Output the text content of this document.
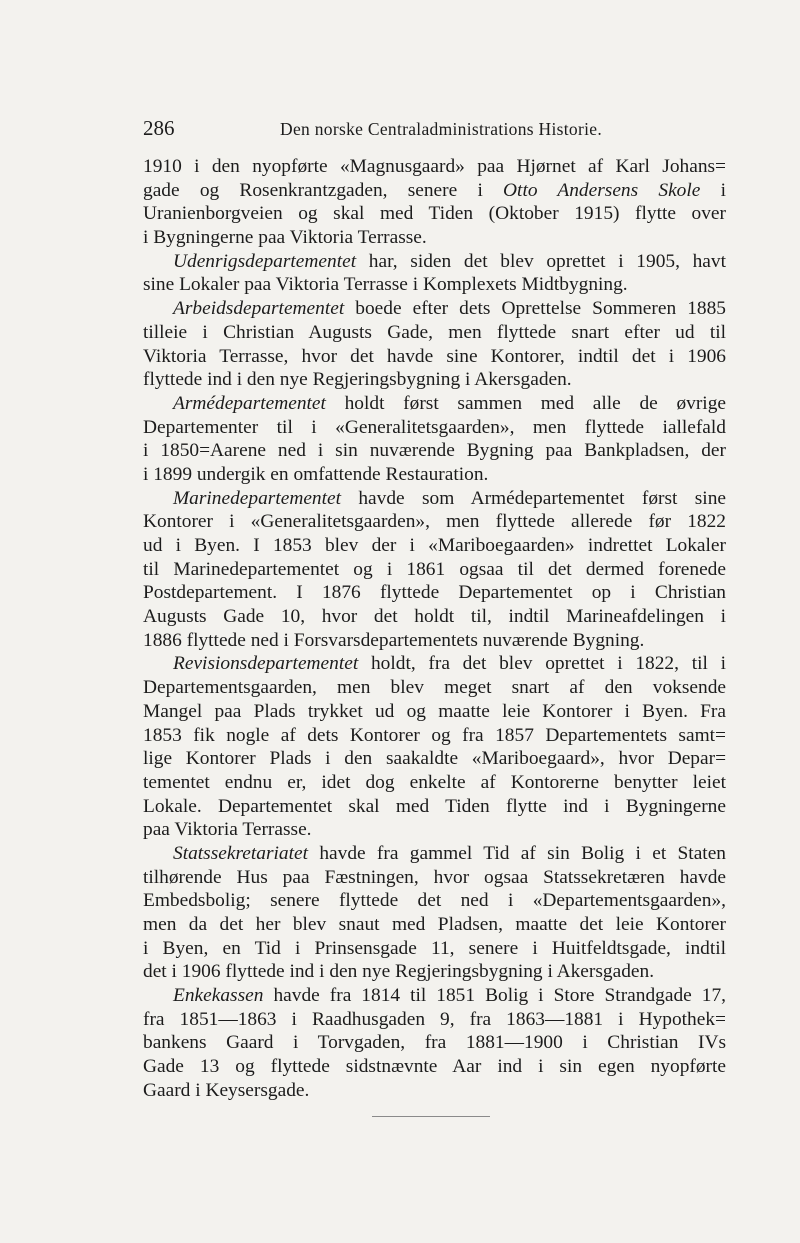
286	Den norske Centraladministrations Historie.
1910 i den nyopførte «Magnusgaard» paa Hjørnet af Karl Johans=
gade og Rosenkrantzgaden, senere i Otto Andersens Skole i
Uranienborgveien og skal med Tiden (Oktober 1915) flytte over
i Bygningerne paa Viktoria Terrasse.
Udenrigsdepartementet har, siden det blev oprettet i 1905, havt
sine Lokaler paa Viktoria Terrasse i Komplexets Midtbygning.
Arbeidsdepartementet boede efter dets Oprettelse Sommeren 1885
tilleie i Christian Augusts Gade, men flyttede snart efter ud til
Viktoria Terrasse, hvor det havde sine Kontorer, indtil det i 1906
flyttede ind i den nye Regjeringsbygning i Akersgaden.
Armédepartementet holdt først sammen med alle de øvrige
Departementer til i «Generalitetsgaarden», men flyttede iallefald
i 1850=Aarene ned i sin nuværende Bygning paa Bankpladsen, der
i 1899 undergik en omfattende Restauration.
Marinedepartementet havde som Armédepartementet først sine
Kontorer i «Generalitetsgaarden», men flyttede allerede før 1822
ud i Byen. I 1853 blev der i «Mariboegaarden» indrettet Lokaler
til Marinedepartementet og i 1861 ogsaa til det dermed forenede
Postdepartement. I 1876 flyttede Departementet op i Christian
Augusts Gade 10, hvor det holdt til, indtil Marineafdelingen i
1886 flyttede ned i Forsvarsdepartementets nuværende Bygning.
Revisionsdepartementet holdt, fra det blev oprettet i 1822, til i
Departementsgaarden, men blev meget snart af den voksende
Mangel paa Plads trykket ud og maatte leie Kontorer i Byen. Fra
1853 fik nogle af dets Kontorer og fra 1857 Departementets samt=
lige Kontorer Plads i den saakaldte «Mariboegaard», hvor Depar=
tementet endnu er, idet dog enkelte af Kontorerne benytter leiet
Lokale. Departementet skal med Tiden flytte ind i Bygningerne
paa Viktoria Terrasse.
Statssekretariatet havde fra gammel Tid af sin Bolig i et Staten
tilhørende Hus paa Fæstningen, hvor ogsaa Statssekretæren havde
Embedsbolig; senere flyttede det ned i «Departementsgaarden»,
men da det her blev snaut med Pladsen, maatte det leie Kontorer
i Byen, en Tid i Prinsensgade 11, senere i Huitfeldtsgade, indtil
det i 1906 flyttede ind i den nye Regjeringsbygning i Akersgaden.
Enkekassen havde fra 1814 til 1851 Bolig i Store Strandgade 17,
fra 1851—1863 i Raadhusgaden 9, fra 1863—1881 i Hypothek=
bankens Gaard i Torvgaden, fra 1881—1900 i Christian IVs
Gade 13 og flyttede sidstnævnte Aar ind i sin egen nyopførte
Gaard i Keysersgade.
